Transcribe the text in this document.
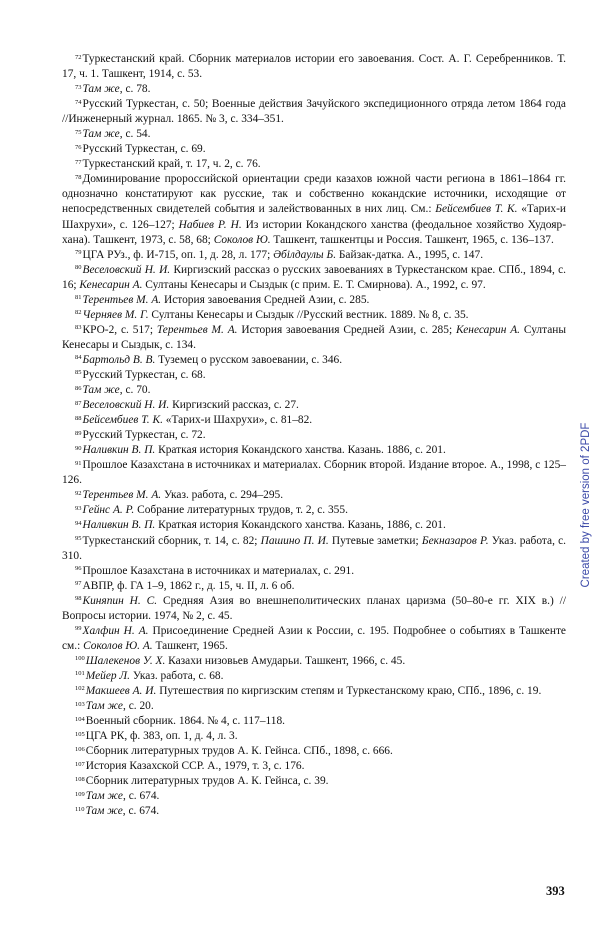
$^{72}$Туркестанский край. Сборник материалов истории его завоевания. Сост. А. Г. Серебренников. Т. 17, ч. 1. Ташкент, 1914, с. 53.

$^{73}$Там же, с. 78.

$^{74}$Русский Туркестан, с. 50; Военные действия Зачуйского экспедиционного отряда летом 1864 года //Инженерный журнал. 1865. № 3, с. 334–351.

$^{75}$Там же, с. 54.

$^{76}$Русский Туркестан, с. 69.

$^{77}$Туркестанский край, т. 17, ч. 2, с. 76.

$^{78}$Доминирование пророссийской ориентации среди казахов южной части региона в 1861–1864 гг. однозначно констатируют как русские, так и собственно кокандские источники, исходящие от непосредственных свидетелей события и залействованных в них лиц. См.: Бейсембиев Т. К. «Тарих-и Шахрухи», с. 126–127; Набиев Р. Н. Из истории Кокандского ханства (феодальное хозяйство Худояр-хана). Ташкент, 1973, с. 58, 68; Соколов Ю. Ташкент, ташкентцы и Россия. Ташкент, 1965, с. 136–137.

$^{79}$ЦГА РУз., ф. И-715, оп. 1, д. 28, л. 177; Әбілдаулы Б. Байзак-датка. А., 1995, с. 147.

$^{80}$Веселовский Н. И. Киргизский рассказ о русских завоеваниях в Туркестанском крае. СПб., 1894, с. 16; Кенесарин А. Султаны Кенесары и Сыздык (с прим. Е. Т. Смирнова). А., 1992, с. 97.

$^{81}$Терентьев М. А. История завоевания Средней Азии, с. 285.

$^{82}$Черняев М. Г. Султаны Кенесары и Сыздык //Русский вестник. 1889. № 8, с. 35.

$^{83}$КРО-2, с. 517; Терентьев М. А. История завоевания Средней Азии, с. 285; Кенесарин А. Султаны Кенесары и Сыздык, с. 134.

$^{84}$Бартольд В. В. Туземец о русском завоевании, с. 346.

$^{85}$Русский Туркестан, с. 68.

$^{86}$Там же, с. 70.

$^{87}$Веселовский Н. И. Киргизский рассказ, с. 27.

$^{88}$Бейсембиев Т. К. «Тарих-и Шахрухи», с. 81–82.

$^{89}$Русский Туркестан, с. 72.

$^{90}$Наливкин В. П. Краткая история Кокандского ханства. Казань. 1886, с. 201.

$^{91}$Прошлое Казахстана в источниках и материалах. Сборник второй. Издание второе. А., 1998, с 125–126.

$^{92}$Терентьев М. А. Указ. работа, с. 294–295.

$^{93}$Гейнс А. Р. Собрание литературных трудов, т. 2, с. 355.

$^{94}$Наливкин В. П. Краткая история Кокандского ханства. Казань, 1886, с. 201.

$^{95}$Туркестанский сборник, т. 14, с. 82; Пашино П. И. Путевые заметки; Бекназаров Р. Указ. работа, с. 310.

$^{96}$Прошлое Казахстана в источниках и материалах, с. 291.

$^{97}$АВПР, ф. ГА 1–9, 1862 г., д. 15, ч. II, л. 6 об.

$^{98}$Киняпин Н. С. Средняя Азия во внешнеполитических планах царизма (50–80-е гг. XIX в.) //Вопросы истории. 1974, № 2, с. 45.

$^{99}$Халфин Н. А. Присоединение Средней Азии к России, с. 195. Подробнее о событиях в Ташкенте см.: Соколов Ю. А. Ташкент, 1965.

$^{100}$Шалекенов У. Х. Казахи низовьев Амударьи. Ташкент, 1966, с. 45.

$^{101}$Мейер Л. Указ. работа, с. 68.

$^{102}$Макшеев А. И. Путешествия по киргизским степям и Туркестанскому краю, СПб., 1896, с. 19.

$^{103}$Там же, с. 20.

$^{104}$Военный сборник. 1864. № 4, с. 117–118.

$^{105}$ЦГА РК, ф. 383, оп. 1, д. 4, л. 3.

$^{106}$Сборник литературных трудов А. К. Гейнса. СПб., 1898, с. 666.

$^{107}$История Казахской ССР. А., 1979, т. 3, с. 176.

$^{108}$Сборник литературных трудов А. К. Гейнса, с. 39.

$^{109}$Там же, с. 674.

$^{110}$Там же, с. 674.

Created by free version of 2PDF
393
